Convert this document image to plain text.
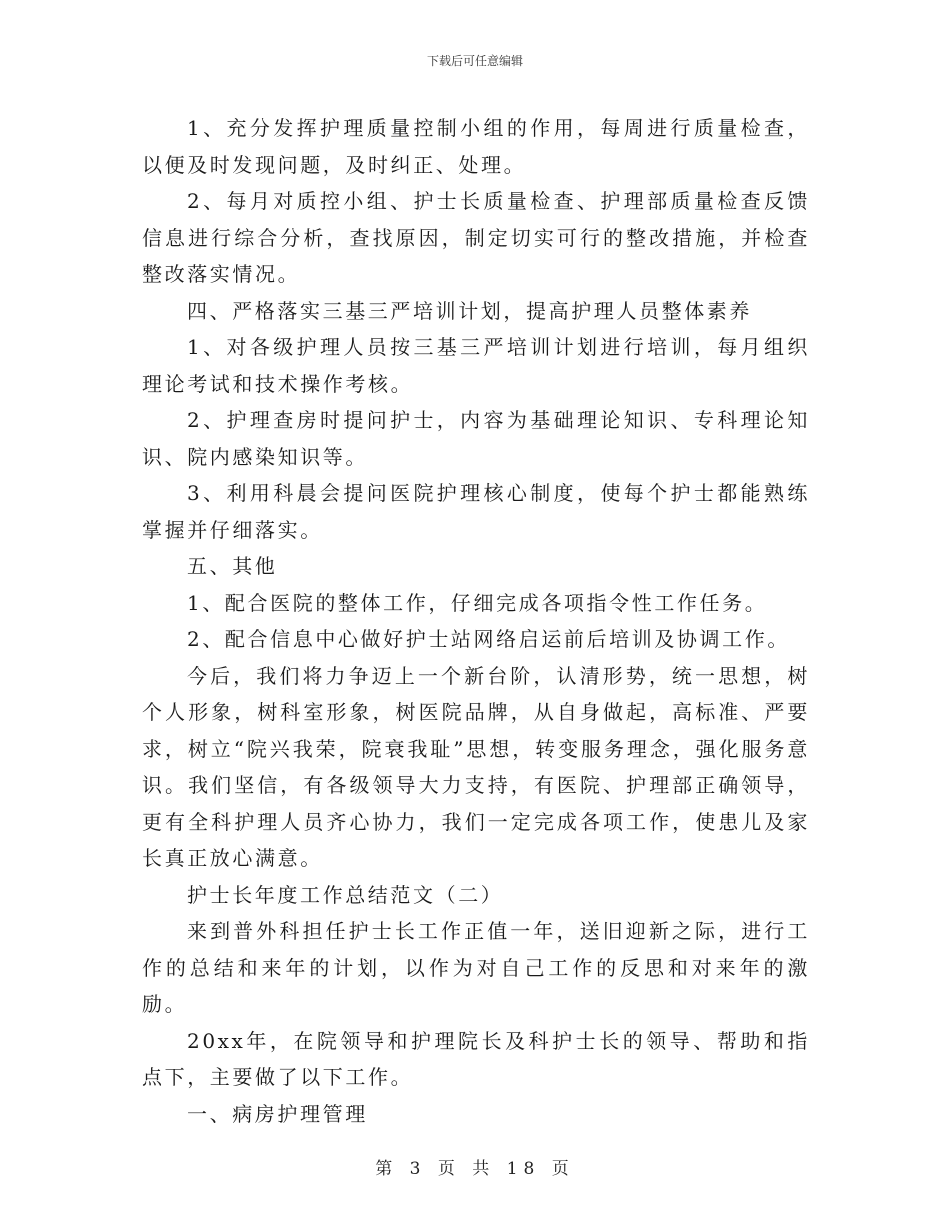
下载后可任意编辑

1、充分发挥护理质量控制小组的作用，每周进行质量检查，以便及时发现问题，及时纠正、处理。

2、每月对质控小组、护士长质量检查、护理部质量检查反馈信息进行综合分析，查找原因，制定切实可行的整改措施，并检查整改落实情况。

四、严格落实三基三严培训计划，提高护理人员整体素养

1、对各级护理人员按三基三严培训计划进行培训，每月组织理论考试和技术操作考核。

2、护理查房时提问护士，内容为基础理论知识、专科理论知识、院内感染知识等。

3、利用科晨会提问医院护理核心制度，使每个护士都能熟练掌握并仔细落实。

五、其他

1、配合医院的整体工作，仔细完成各项指令性工作任务。

2、配合信息中心做好护士站网络启运前后培训及协调工作。

今后，我们将力争迈上一个新台阶，认清形势，统一思想，树个人形象，树科室形象，树医院品牌，从自身做起，高标准、严要求，树立“院兴我荣，院衰我耻”思想，转变服务理念，强化服务意识。我们坚信，有各级领导大力支持，有医院、护理部正确领导，更有全科护理人员齐心协力，我们一定完成各项工作，使患儿及家长真正放心满意。

护士长年度工作总结范文（二）

来到普外科担任护士长工作正值一年，送旧迎新之际，进行工作的总结和来年的计划，以作为对自己工作的反思和对来年的激励。

20xx年，在院领导和护理院长及科护士长的领导、帮助和指点下，主要做了以下工作。

一、病房护理管理

第 3 页 共 18 页
